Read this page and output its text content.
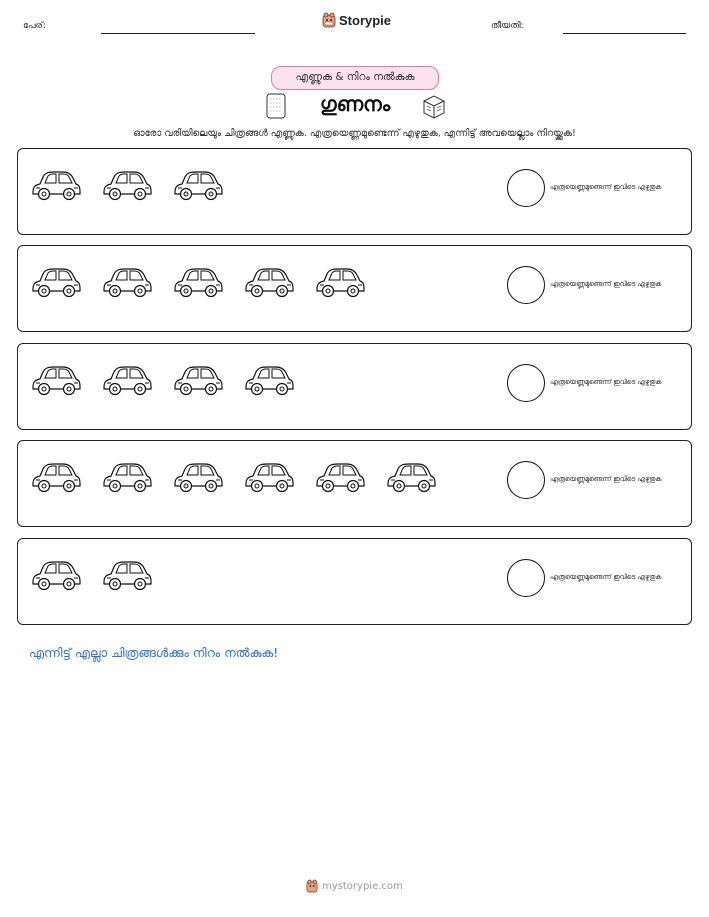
പേര്:	Storypie	തീയതി:
എണ്ണുക & നിറം നൽകുക
ഗുണനം
ഓരോ വരിയിലെയും ചിത്രങ്ങൾ എണ്ണുക. എത്രയെണ്ണമുണ്ടെന്ന് എഴുതുക, എന്നിട്ട് അവയെല്ലാം നിറയ്ക്കുക!
എത്രയെണ്ണമുണ്ടെന്ന് ഇവിടെ എഴുതുക
എത്രയെണ്ണമുണ്ടെന്ന് ഇവിടെ എഴുതുക
എത്രയെണ്ണമുണ്ടെന്ന് ഇവിടെ എഴുതുക
എത്രയെണ്ണമുണ്ടെന്ന് ഇവിടെ എഴുതുക
എത്രയെണ്ണമുണ്ടെന്ന് ഇവിടെ എഴുതുക
എന്നിട്ട് എല്ലാ ചിത്രങ്ങൾക്കും നിറം നൽകുക!
mystorypie.com
